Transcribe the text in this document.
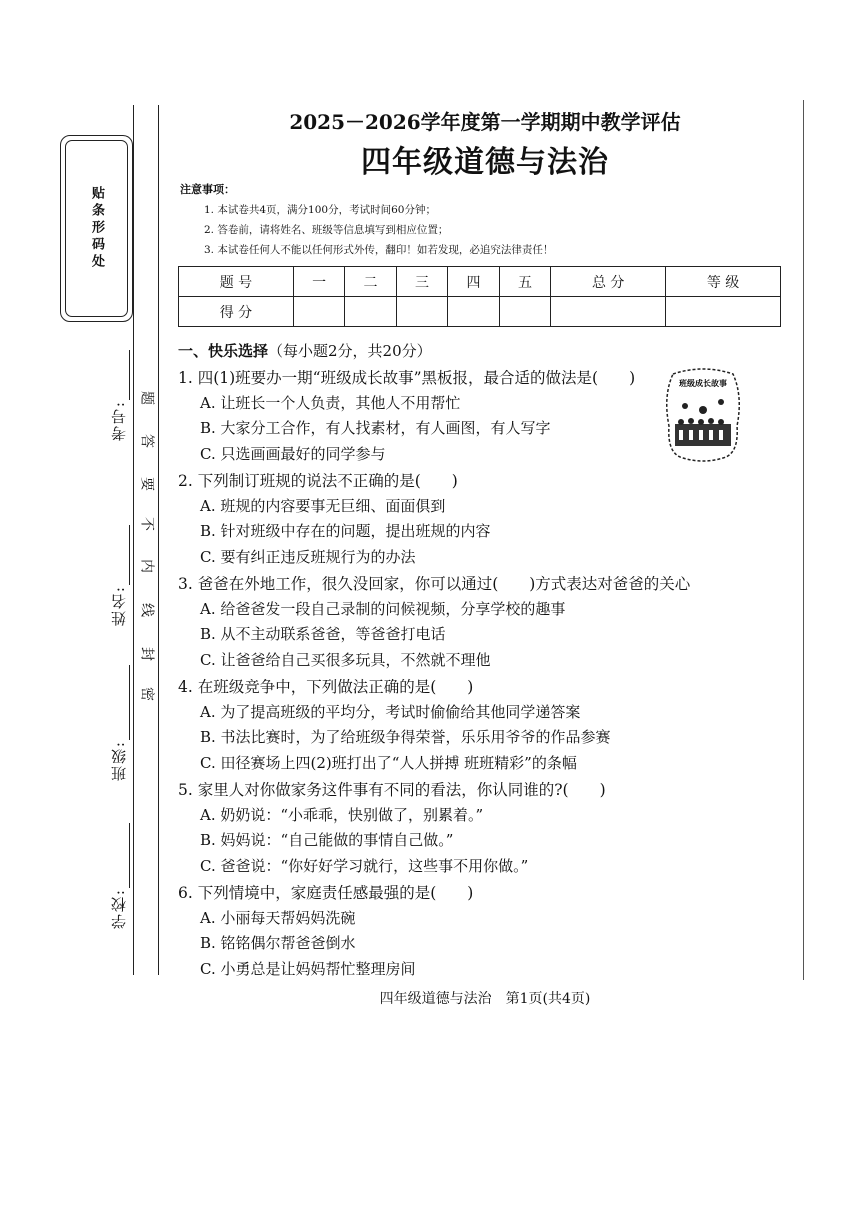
贴条形码处
考号:
姓名:
班级:
学校:
题
答
要
不
内
线
封
密
2025－2026学年度第一学期期中教学评估
四年级道德与法治
注意事项：
1. 本试卷共4页，满分100分，考试时间60分钟；
2. 答卷前，请将姓名、班级等信息填写到相应位置；
3. 本试卷任何人不能以任何形式外传，翻印！如若发现，必追究法律责任！
题 号	一	二	三	四	五	总 分	等 级
得 分							
一、快乐选择（每小题2分，共20分）
班级成长故事
1. 四(1)班要办一期“班级成长故事”黑板报，最合适的做法是(　　)
A. 让班长一个人负责，其他人不用帮忙
B. 大家分工合作，有人找素材，有人画图，有人写字
C. 只选画画最好的同学参与
2. 下列制订班规的说法不正确的是(　　)
A. 班规的内容要事无巨细、面面俱到
B. 针对班级中存在的问题，提出班规的内容
C. 要有纠正违反班规行为的办法
3. 爸爸在外地工作，很久没回家，你可以通过(　　)方式表达对爸爸的关心
A. 给爸爸发一段自己录制的问候视频，分享学校的趣事
B. 从不主动联系爸爸，等爸爸打电话
C. 让爸爸给自己买很多玩具，不然就不理他
4. 在班级竞争中，下列做法正确的是(　　)
A. 为了提高班级的平均分，考试时偷偷给其他同学递答案
B. 书法比赛时，为了给班级争得荣誉，乐乐用爷爷的作品参赛
C. 田径赛场上四(2)班打出了“人人拼搏 班班精彩”的条幅
5. 家里人对你做家务这件事有不同的看法，你认同谁的?(　　)
A. 奶奶说：“小乖乖，快别做了，别累着。”
B. 妈妈说：“自己能做的事情自己做。”
C. 爸爸说：“你好好学习就行，这些事不用你做。”
6. 下列情境中，家庭责任感最强的是(　　)
A. 小丽每天帮妈妈洗碗
B. 铭铭偶尔帮爸爸倒水
C. 小勇总是让妈妈帮忙整理房间
四年级道德与法治　第1页(共4页)
